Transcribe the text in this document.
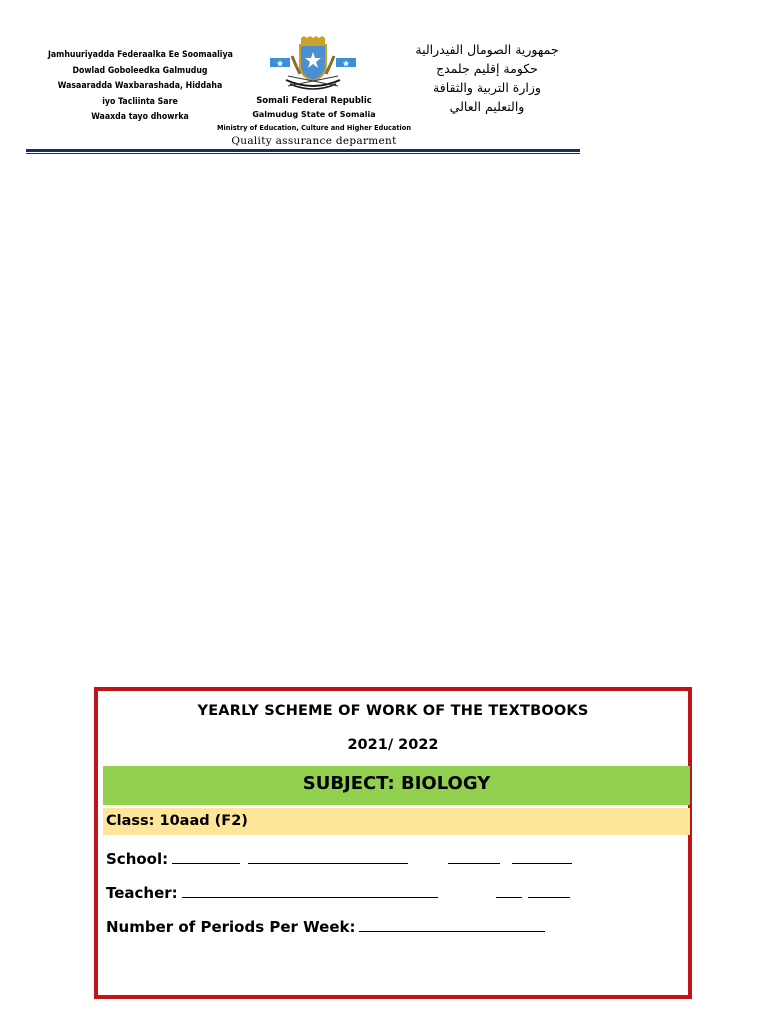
Jamhuuriyadda Federaalka Ee Soomaaliya
Dowlad Goboleedka Galmudug
Wasaaradda Waxbarashada, Hiddaha
iyo Tacliinta Sare
Waaxda tayo dhowrka
Somali Federal Republic
Galmudug State of Somalia
Ministry of Education, Culture and Higher Education
Quality assurance deparment
جمهورية الصومال الفيدرالية
حكومة إقليم جلمدج
وزارة التربية والثقافة
والتعليم العالي
YEARLY SCHEME OF WORK OF THE TEXTBOOKS
2021/ 2022
SUBJECT: BIOLOGY
Class: 10aad (F2)
School:
Teacher:
Number of Periods Per Week:
